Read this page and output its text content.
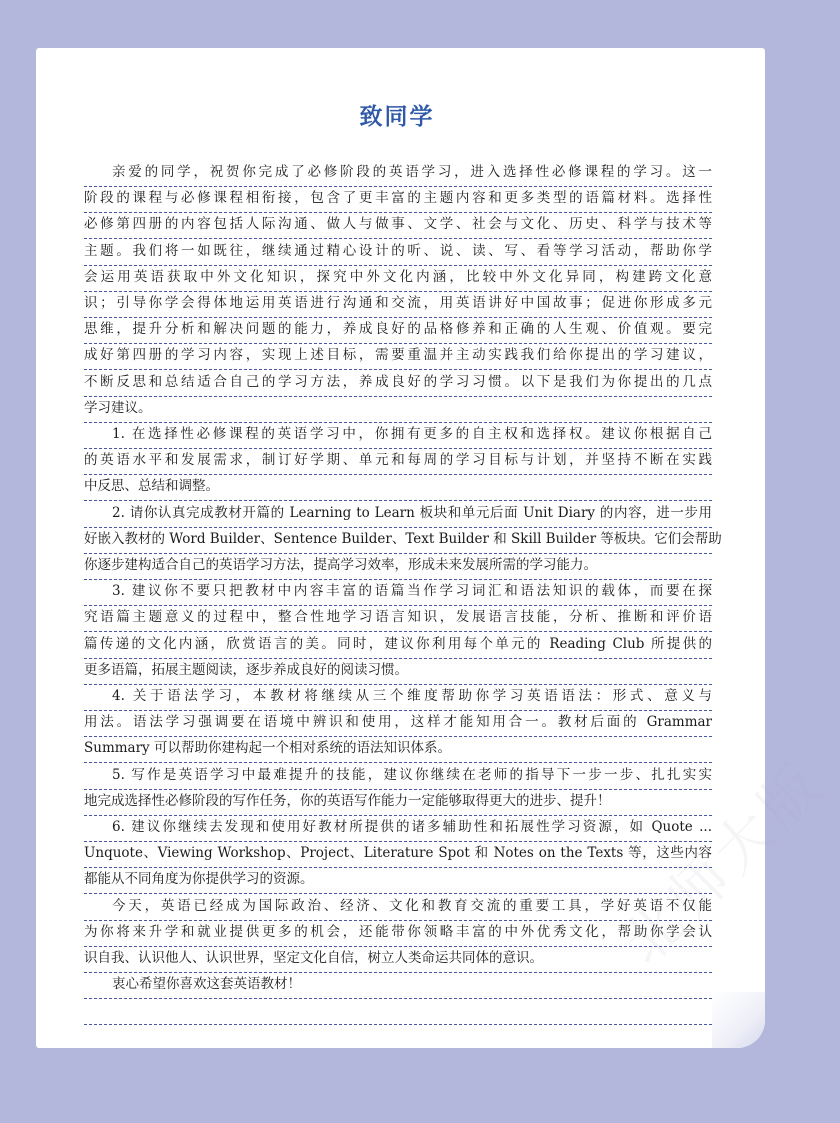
致同学
亲爱的同学，祝贺你完成了必修阶段的英语学习，进入选择性必修课程的学习。这一
阶段的课程与必修课程相衔接，包含了更丰富的主题内容和更多类型的语篇材料。选择性
必修第四册的内容包括人际沟通、做人与做事、文学、社会与文化、历史、科学与技术等
主题。我们将一如既往，继续通过精心设计的听、说、读、写、看等学习活动，帮助你学
会运用英语获取中外文化知识，探究中外文化内涵，比较中外文化异同，构建跨文化意
识；引导你学会得体地运用英语进行沟通和交流，用英语讲好中国故事；促进你形成多元
思维，提升分析和解决问题的能力，养成良好的品格修养和正确的人生观、价值观。要完
成好第四册的学习内容，实现上述目标，需要重温并主动实践我们给你提出的学习建议，
不断反思和总结适合自己的学习方法，养成良好的学习习惯。以下是我们为你提出的几点
学习建议。
1. 在选择性必修课程的英语学习中，你拥有更多的自主权和选择权。建议你根据自己
的英语水平和发展需求，制订好学期、单元和每周的学习目标与计划，并坚持不断在实践
中反思、总结和调整。
2. 请你认真完成教材开篇的 Learning to Learn 板块和单元后面 Unit Diary 的内容，进一步用
好嵌入教材的 Word Builder、Sentence Builder、Text Builder 和 Skill Builder 等板块。它们会帮助
你逐步建构适合自己的英语学习方法，提高学习效率，形成未来发展所需的学习能力。
3. 建议你不要只把教材中内容丰富的语篇当作学习词汇和语法知识的载体，而要在探
究语篇主题意义的过程中，整合性地学习语言知识，发展语言技能，分析、推断和评价语
篇传递的文化内涵，欣赏语言的美。同时，建议你利用每个单元的 Reading Club 所提供的
更多语篇，拓展主题阅读，逐步养成良好的阅读习惯。
4. 关于语法学习，本教材将继续从三个维度帮助你学习英语语法：形式、意义与
用法。语法学习强调要在语境中辨识和使用，这样才能知用合一。教材后面的 Grammar
Summary 可以帮助你建构起一个相对系统的语法知识体系。
5. 写作是英语学习中最难提升的技能，建议你继续在老师的指导下一步一步、扎扎实实
地完成选择性必修阶段的写作任务，你的英语写作能力一定能够取得更大的进步、提升！
6. 建议你继续去发现和使用好教材所提供的诸多辅助性和拓展性学习资源，如 Quote ...
Unquote、Viewing Workshop、Project、Literature Spot 和 Notes on the Texts 等，这些内容
都能从不同角度为你提供学习的资源。
今天，英语已经成为国际政治、经济、文化和教育交流的重要工具，学好英语不仅能
为你将来升学和就业提供更多的机会，还能带你领略丰富的中外优秀文化，帮助你学会认
识自我、认识他人、认识世界，坚定文化自信，树立人类命运共同体的意识。
衷心希望你喜欢这套英语教材！
北师大版
